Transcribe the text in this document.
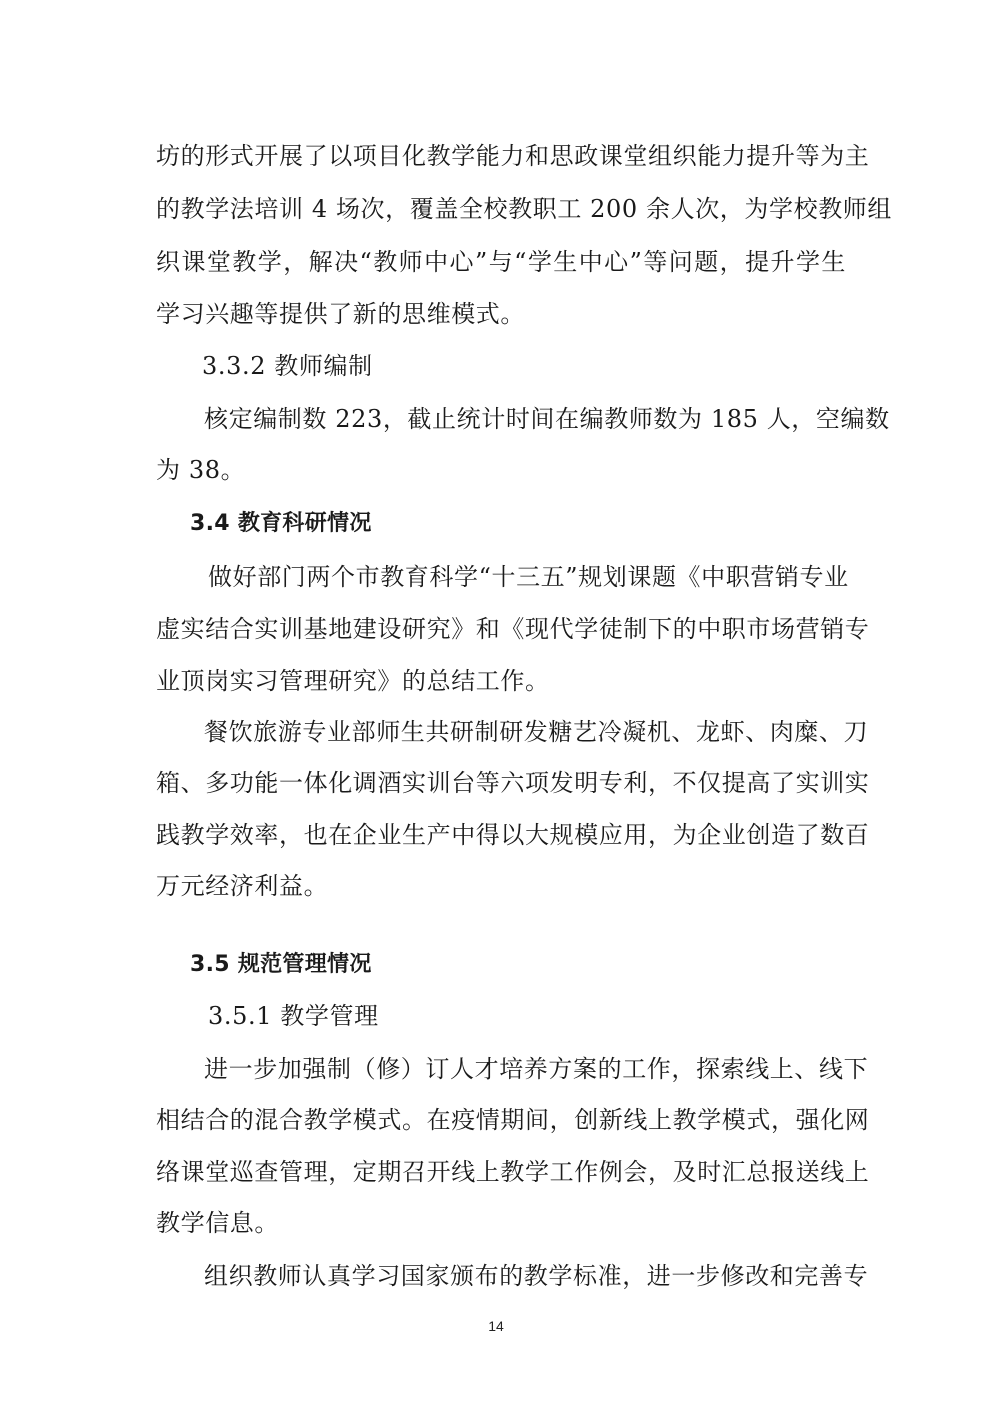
坊的形式开展了以项目化教学能力和思政课堂组织能力提升等为主
的教学法培训 4 场次，覆盖全校教职工 200 余人次，为学校教师组
织课堂教学，解决“教师中心”与“学生中心”等问题，提升学生
学习兴趣等提供了新的思维模式。
3.3.2 教师编制
核定编制数 223，截止统计时间在编教师数为 185 人，空编数
为 38。
3.4 教育科研情况
做好部门两个市教育科学“十三五”规划课题《中职营销专业
虚实结合实训基地建设研究》和《现代学徒制下的中职市场营销专
业顶岗实习管理研究》的总结工作。
餐饮旅游专业部师生共研制研发糖艺冷凝机、龙虾、肉糜、刀
箱、多功能一体化调酒实训台等六项发明专利，不仅提高了实训实
践教学效率，也在企业生产中得以大规模应用，为企业创造了数百
万元经济利益。
3.5 规范管理情况
3.5.1 教学管理
进一步加强制（修）订人才培养方案的工作，探索线上、线下
相结合的混合教学模式。在疫情期间，创新线上教学模式，强化网
络课堂巡查管理，定期召开线上教学工作例会，及时汇总报送线上
教学信息。
组织教师认真学习国家颁布的教学标准，进一步修改和完善专
14
